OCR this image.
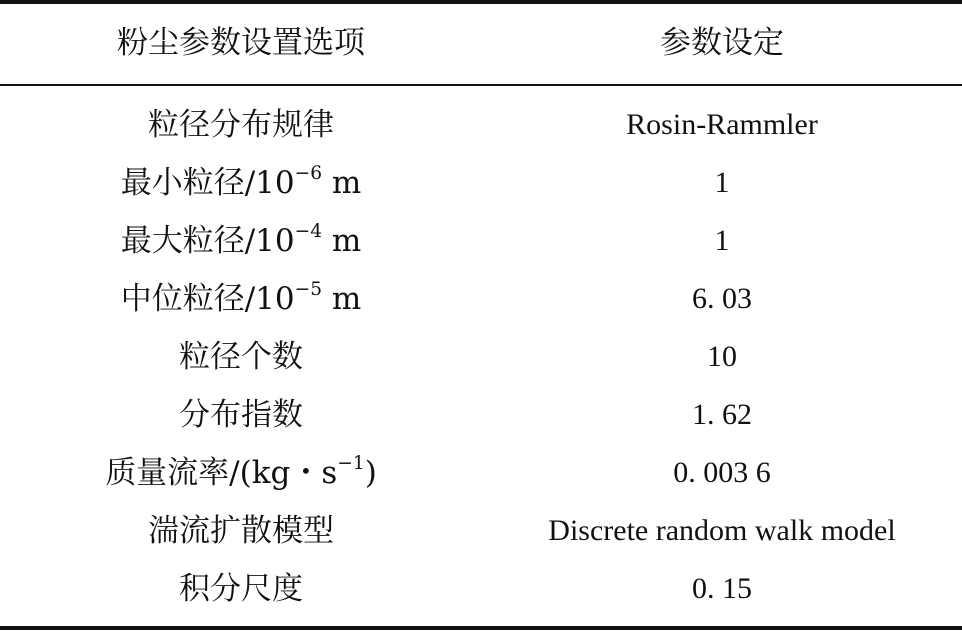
粉尘参数设置选项	参数设定
粒径分布规律	Rosin-Rammler
最小粒径$/10^{-6}$ m	1
最大粒径$/10^{-4}$ m	1
中位粒径$/10^{-5}$ m	6. 03
粒径个数	10
分布指数	1. 62
质量流率/(kg・$s^{-1}$)	0. 003 6
湍流扩散模型	Discrete random walk model
积分尺度	0. 15
